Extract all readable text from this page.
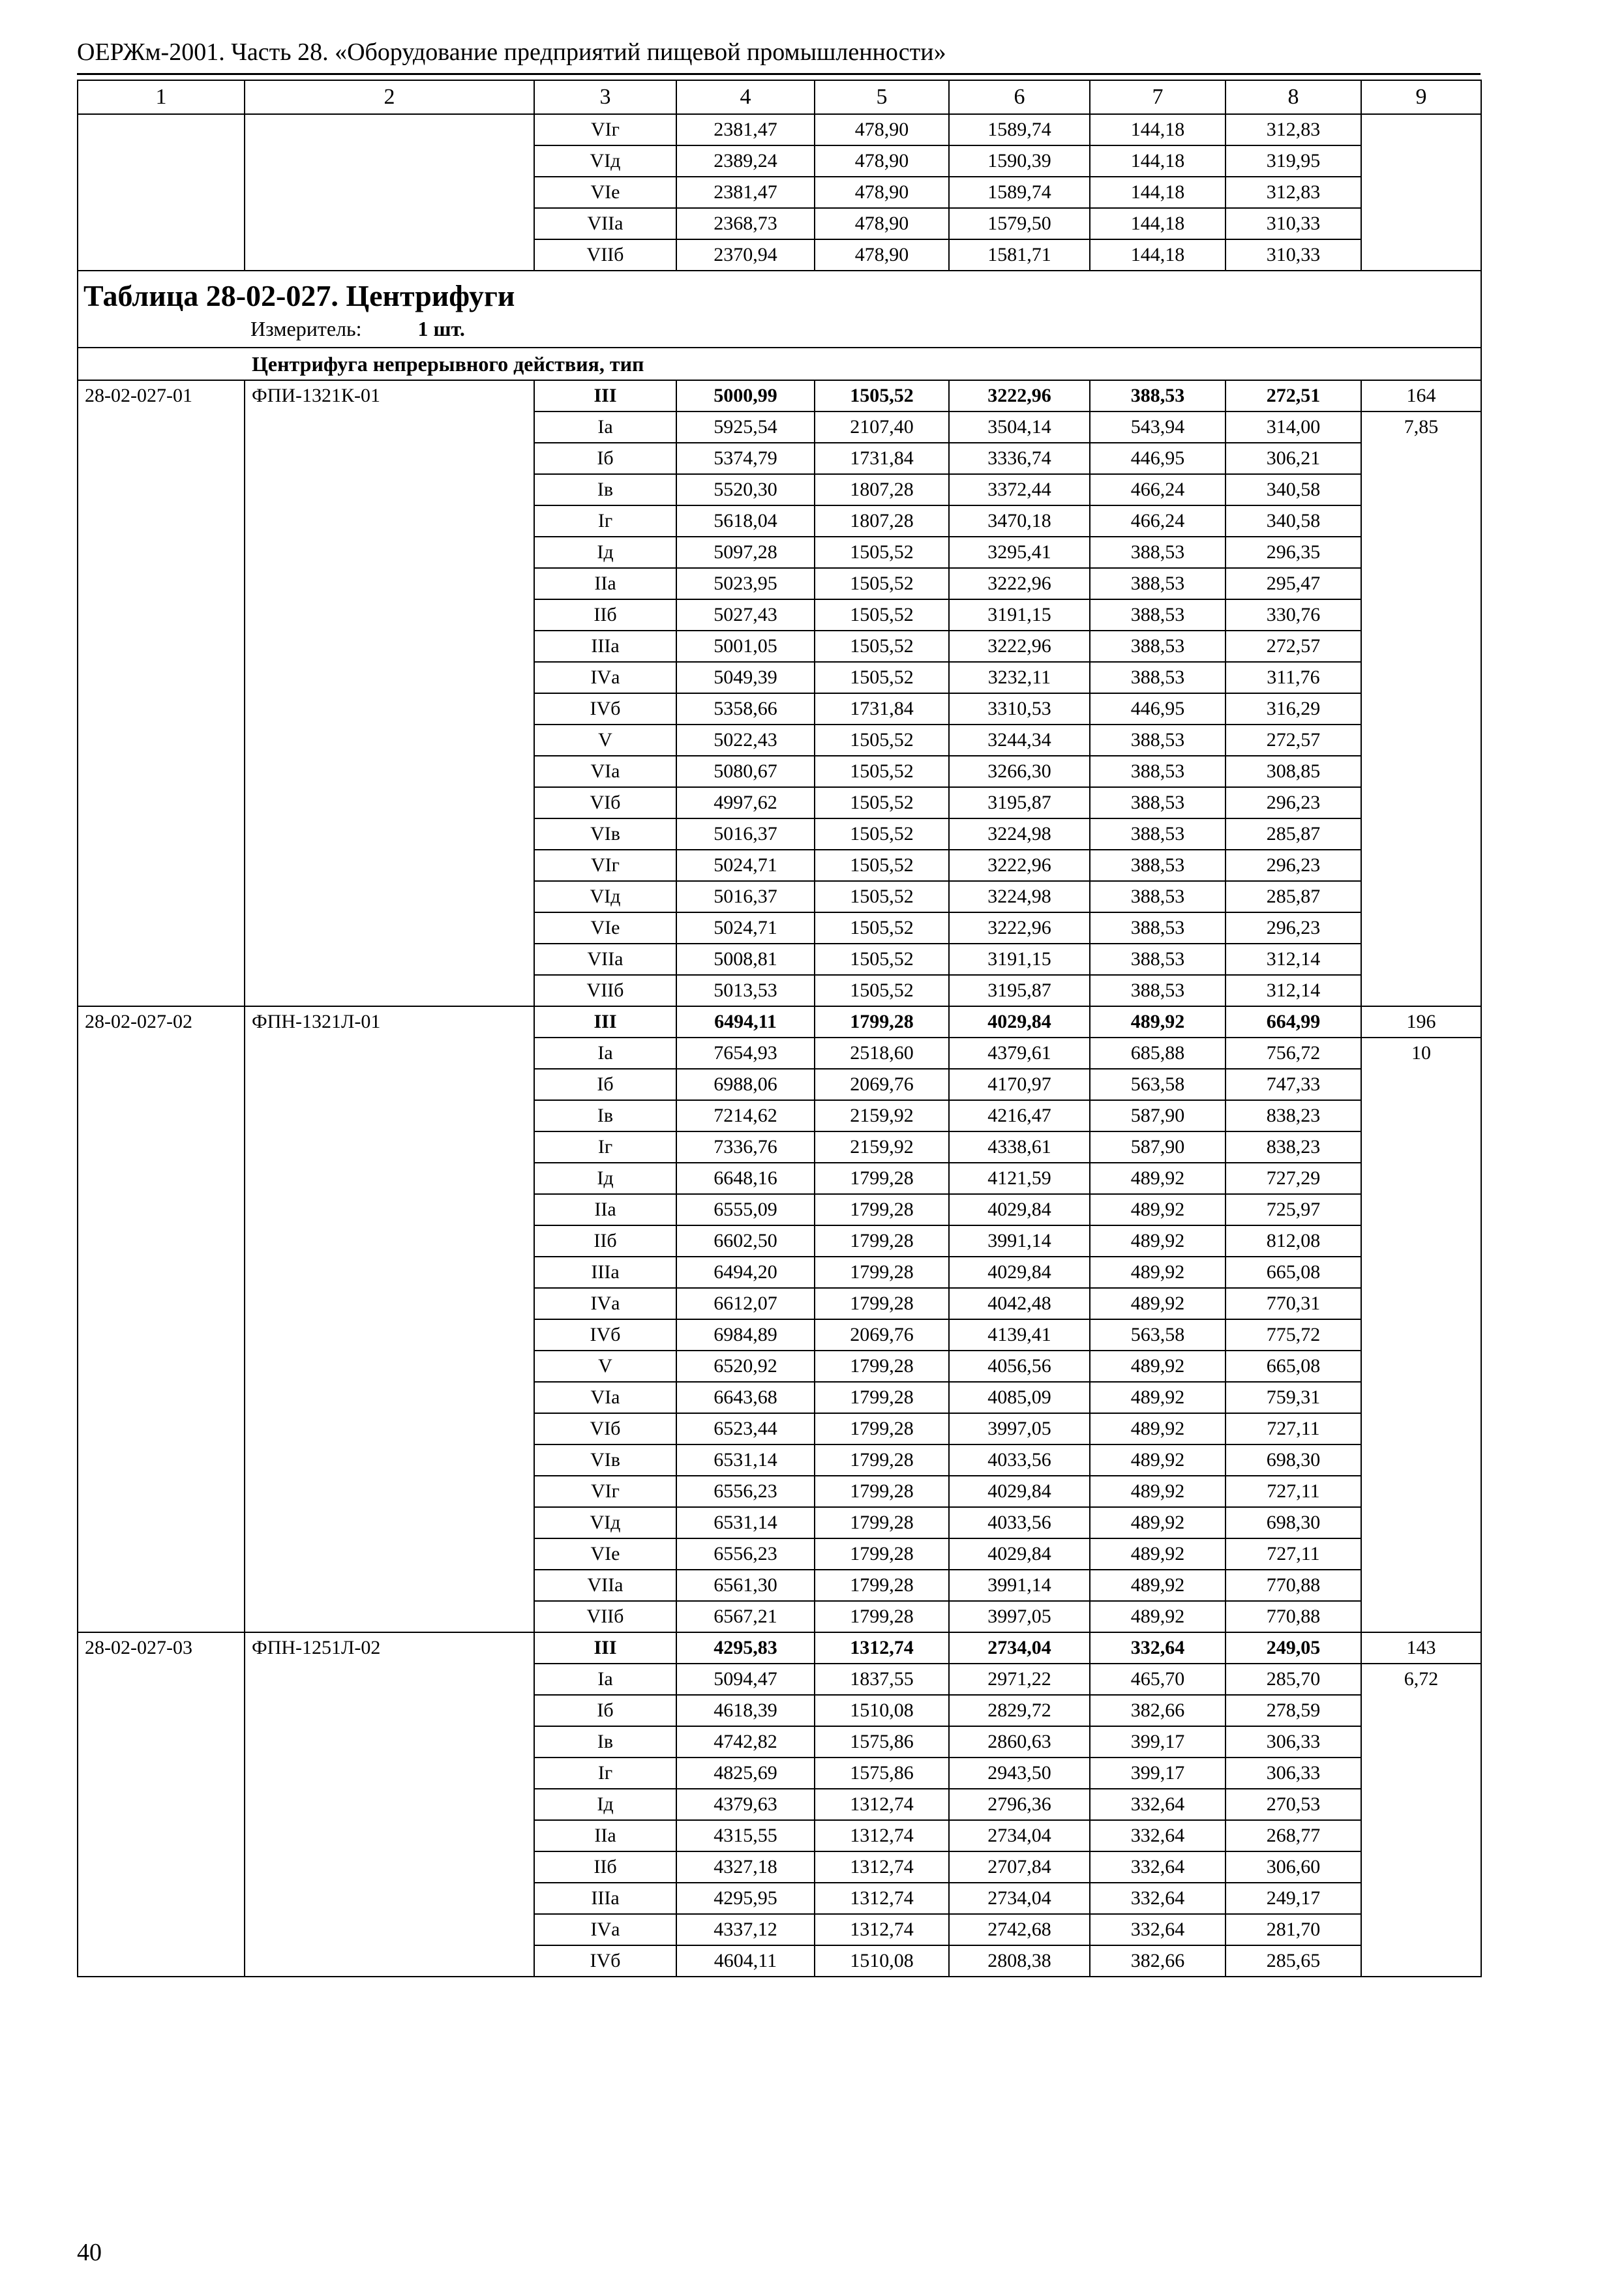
ОЕРЖм-2001. Часть 28. «Оборудование предприятий пищевой промышленности»
1	2	3	4	5	6	7	8	9
		VIг	2381,47	478,90	1589,74	144,18	312,83	
		VIд	2389,24	478,90	1590,39	144,18	319,95	
		VIе	2381,47	478,90	1589,74	144,18	312,83	
		VIIа	2368,73	478,90	1579,50	144,18	310,33	
		VIIб	2370,94	478,90	1581,71	144,18	310,33	

Таблица 28-02-027. Центрифуги
Измеритель: 1 шт.								

Центрифуга непрерывного действия, тип								
28-02-027-01	ФПИ-1321К-01	III	5000,99	1505,52	3222,96	388,53	272,51	164
		Iа	5925,54	2107,40	3504,14	543,94	314,00	7,85
		Iб	5374,79	1731,84	3336,74	446,95	306,21	
		Iв	5520,30	1807,28	3372,44	466,24	340,58	
		Iг	5618,04	1807,28	3470,18	466,24	340,58	
		Iд	5097,28	1505,52	3295,41	388,53	296,35	
		IIа	5023,95	1505,52	3222,96	388,53	295,47	
		IIб	5027,43	1505,52	3191,15	388,53	330,76	
		IIIа	5001,05	1505,52	3222,96	388,53	272,57	
		IVа	5049,39	1505,52	3232,11	388,53	311,76	
		IVб	5358,66	1731,84	3310,53	446,95	316,29	
		V	5022,43	1505,52	3244,34	388,53	272,57	
		VIа	5080,67	1505,52	3266,30	388,53	308,85	
		VIб	4997,62	1505,52	3195,87	388,53	296,23	
		VIв	5016,37	1505,52	3224,98	388,53	285,87	
		VIг	5024,71	1505,52	3222,96	388,53	296,23	
		VIд	5016,37	1505,52	3224,98	388,53	285,87	
		VIе	5024,71	1505,52	3222,96	388,53	296,23	
		VIIа	5008,81	1505,52	3191,15	388,53	312,14	
		VIIб	5013,53	1505,52	3195,87	388,53	312,14	
28-02-027-02	ФПН-1321Л-01	III	6494,11	1799,28	4029,84	489,92	664,99	196
		Iа	7654,93	2518,60	4379,61	685,88	756,72	10
		Iб	6988,06	2069,76	4170,97	563,58	747,33	
		Iв	7214,62	2159,92	4216,47	587,90	838,23	
		Iг	7336,76	2159,92	4338,61	587,90	838,23	
		Iд	6648,16	1799,28	4121,59	489,92	727,29	
		IIа	6555,09	1799,28	4029,84	489,92	725,97	
		IIб	6602,50	1799,28	3991,14	489,92	812,08	
		IIIа	6494,20	1799,28	4029,84	489,92	665,08	
		IVа	6612,07	1799,28	4042,48	489,92	770,31	
		IVб	6984,89	2069,76	4139,41	563,58	775,72	
		V	6520,92	1799,28	4056,56	489,92	665,08	
		VIа	6643,68	1799,28	4085,09	489,92	759,31	
		VIб	6523,44	1799,28	3997,05	489,92	727,11	
		VIв	6531,14	1799,28	4033,56	489,92	698,30	
		VIг	6556,23	1799,28	4029,84	489,92	727,11	
		VIд	6531,14	1799,28	4033,56	489,92	698,30	
		VIе	6556,23	1799,28	4029,84	489,92	727,11	
		VIIа	6561,30	1799,28	3991,14	489,92	770,88	
		VIIб	6567,21	1799,28	3997,05	489,92	770,88	
28-02-027-03	ФПН-1251Л-02	III	4295,83	1312,74	2734,04	332,64	249,05	143
		Iа	5094,47	1837,55	2971,22	465,70	285,70	6,72
		Iб	4618,39	1510,08	2829,72	382,66	278,59	
		Iв	4742,82	1575,86	2860,63	399,17	306,33	
		Iг	4825,69	1575,86	2943,50	399,17	306,33	
		Iд	4379,63	1312,74	2796,36	332,64	270,53	
		IIа	4315,55	1312,74	2734,04	332,64	268,77	
		IIб	4327,18	1312,74	2707,84	332,64	306,60	
		IIIа	4295,95	1312,74	2734,04	332,64	249,17	
		IVа	4337,12	1312,74	2742,68	332,64	281,70	
		IVб	4604,11	1510,08	2808,38	382,66	285,65	
40
